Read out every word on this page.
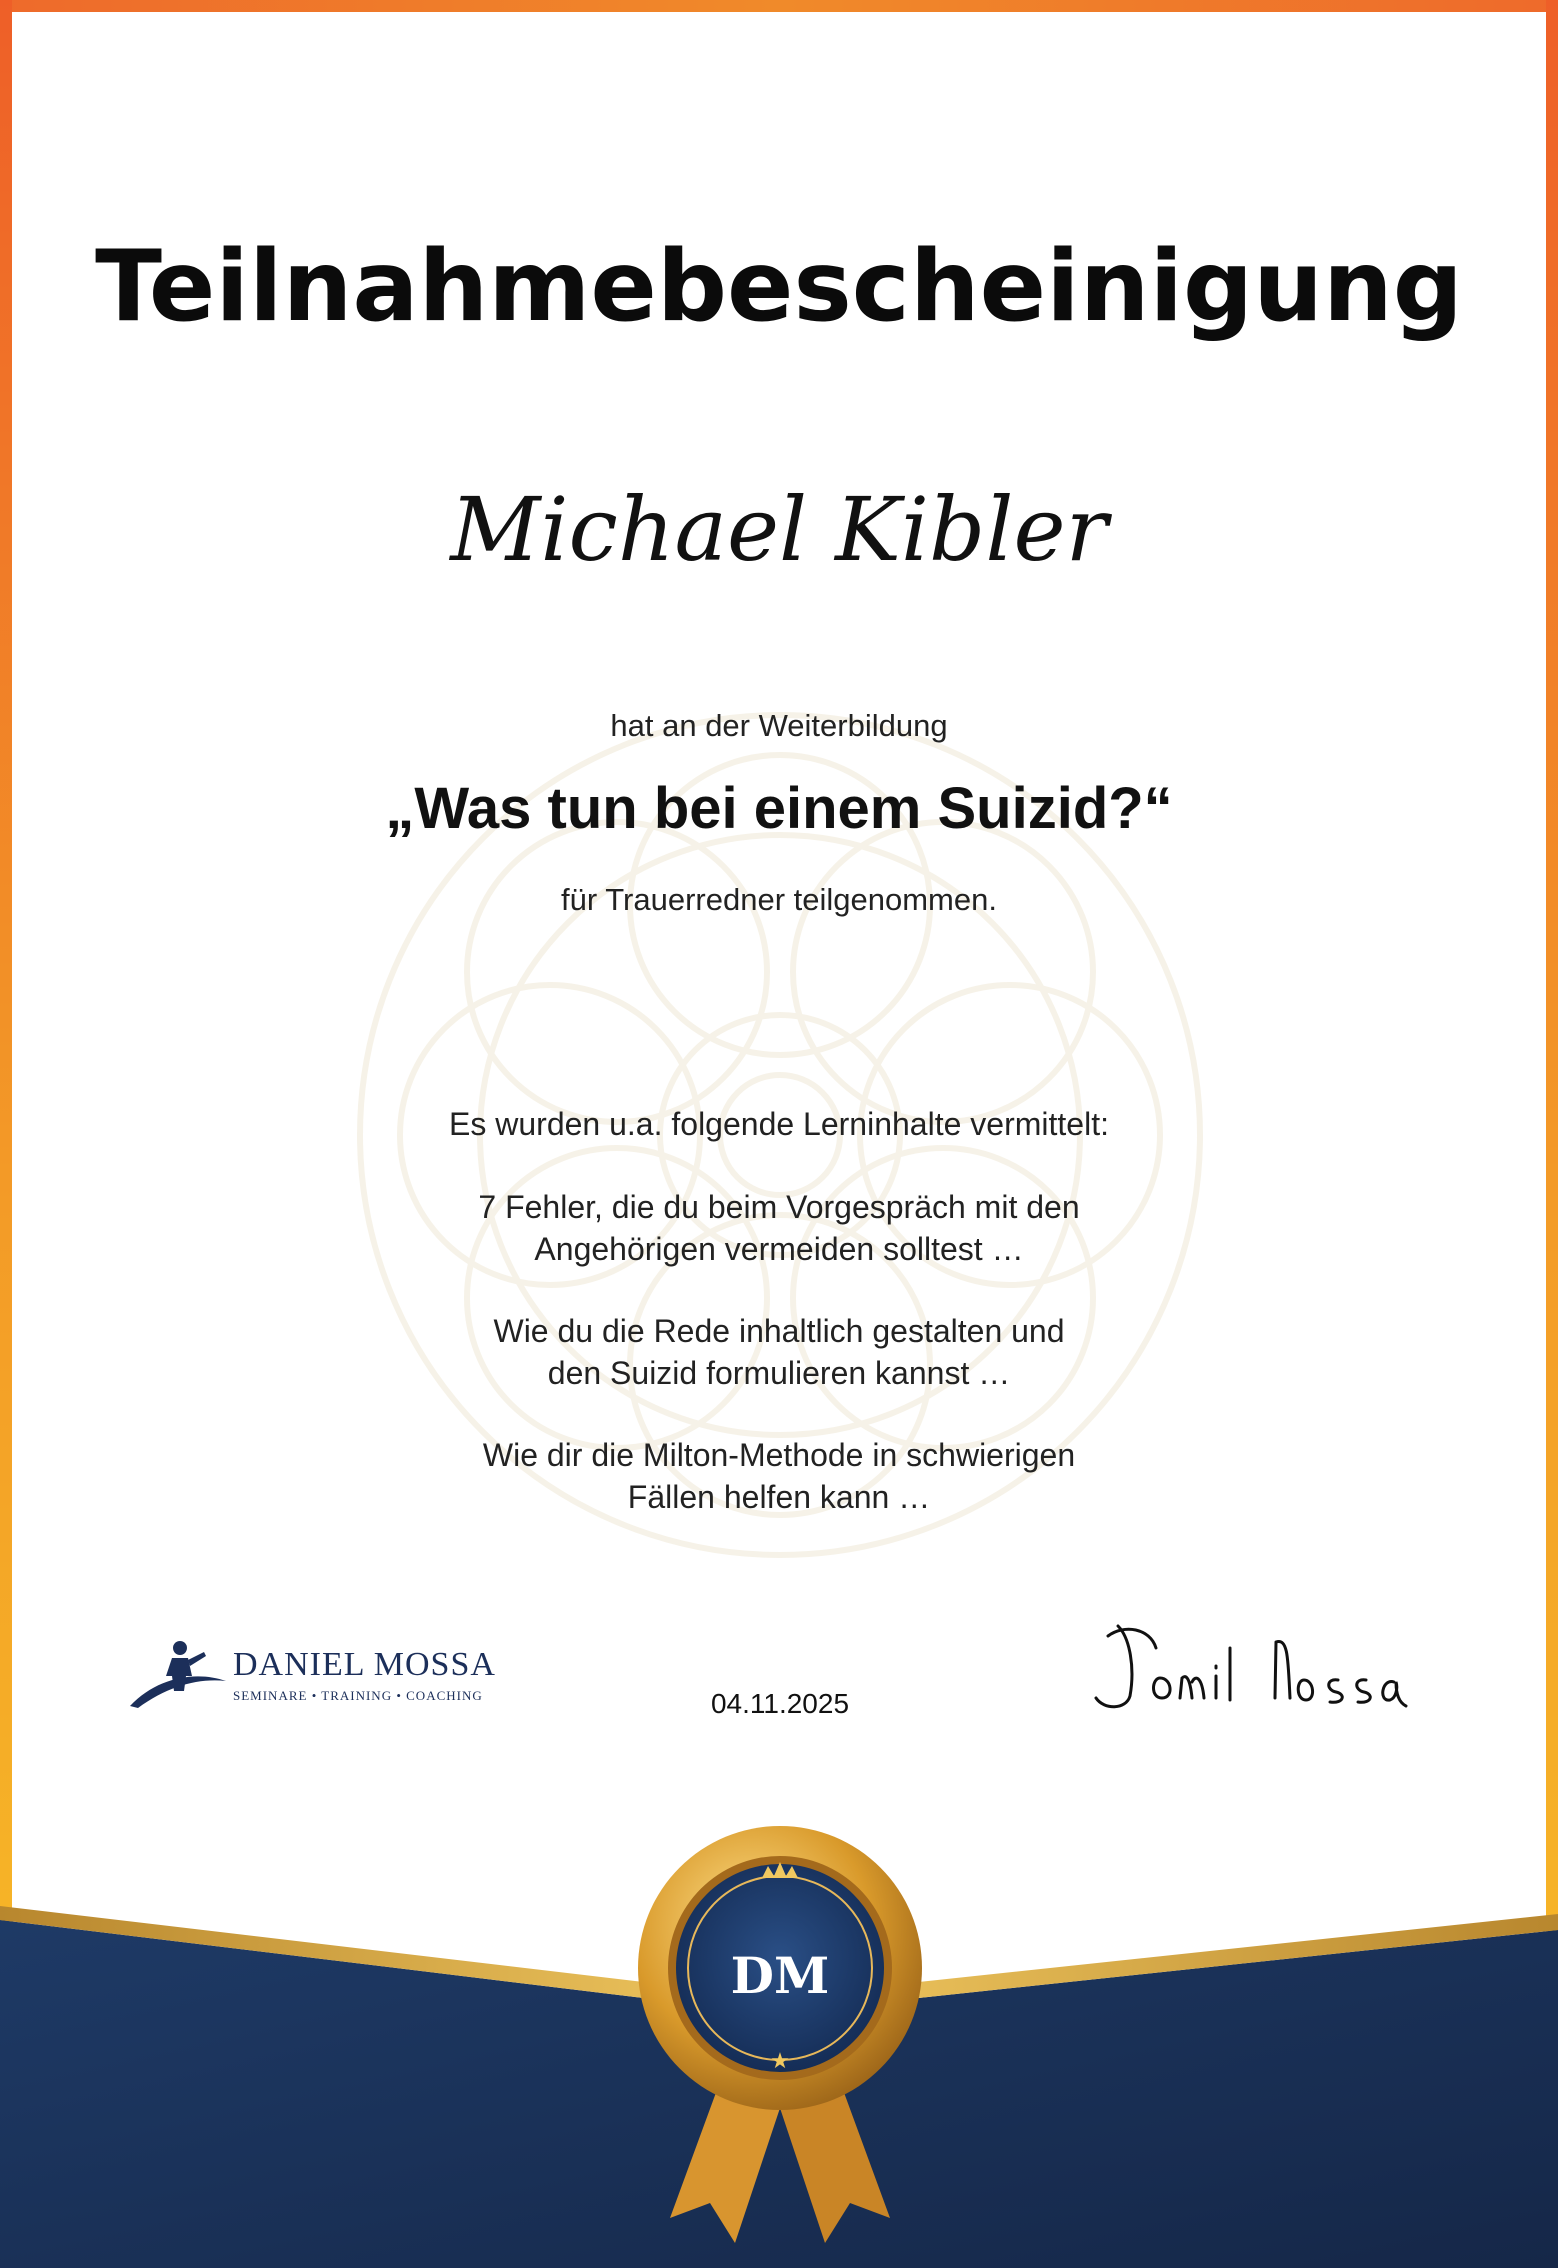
Teilnahmebescheinigung
Michael Kibler
hat an der Weiterbildung
„Was tun bei einem Suizid?“
für Trauerredner teilgenommen.
Es wurden u.a. folgende Lerninhalte vermittelt:
7 Fehler, die du beim Vorgespräch mit den
Angehörigen vermeiden solltest …
Wie du die Rede inhaltlich gestalten und
den Suizid formulieren kannst …
Wie dir die Milton-Methode in schwierigen
Fällen helfen kann …
DANIEL MOSSA
SEMINARE • TRAINING • COACHING	04.11.2025
★
DM
